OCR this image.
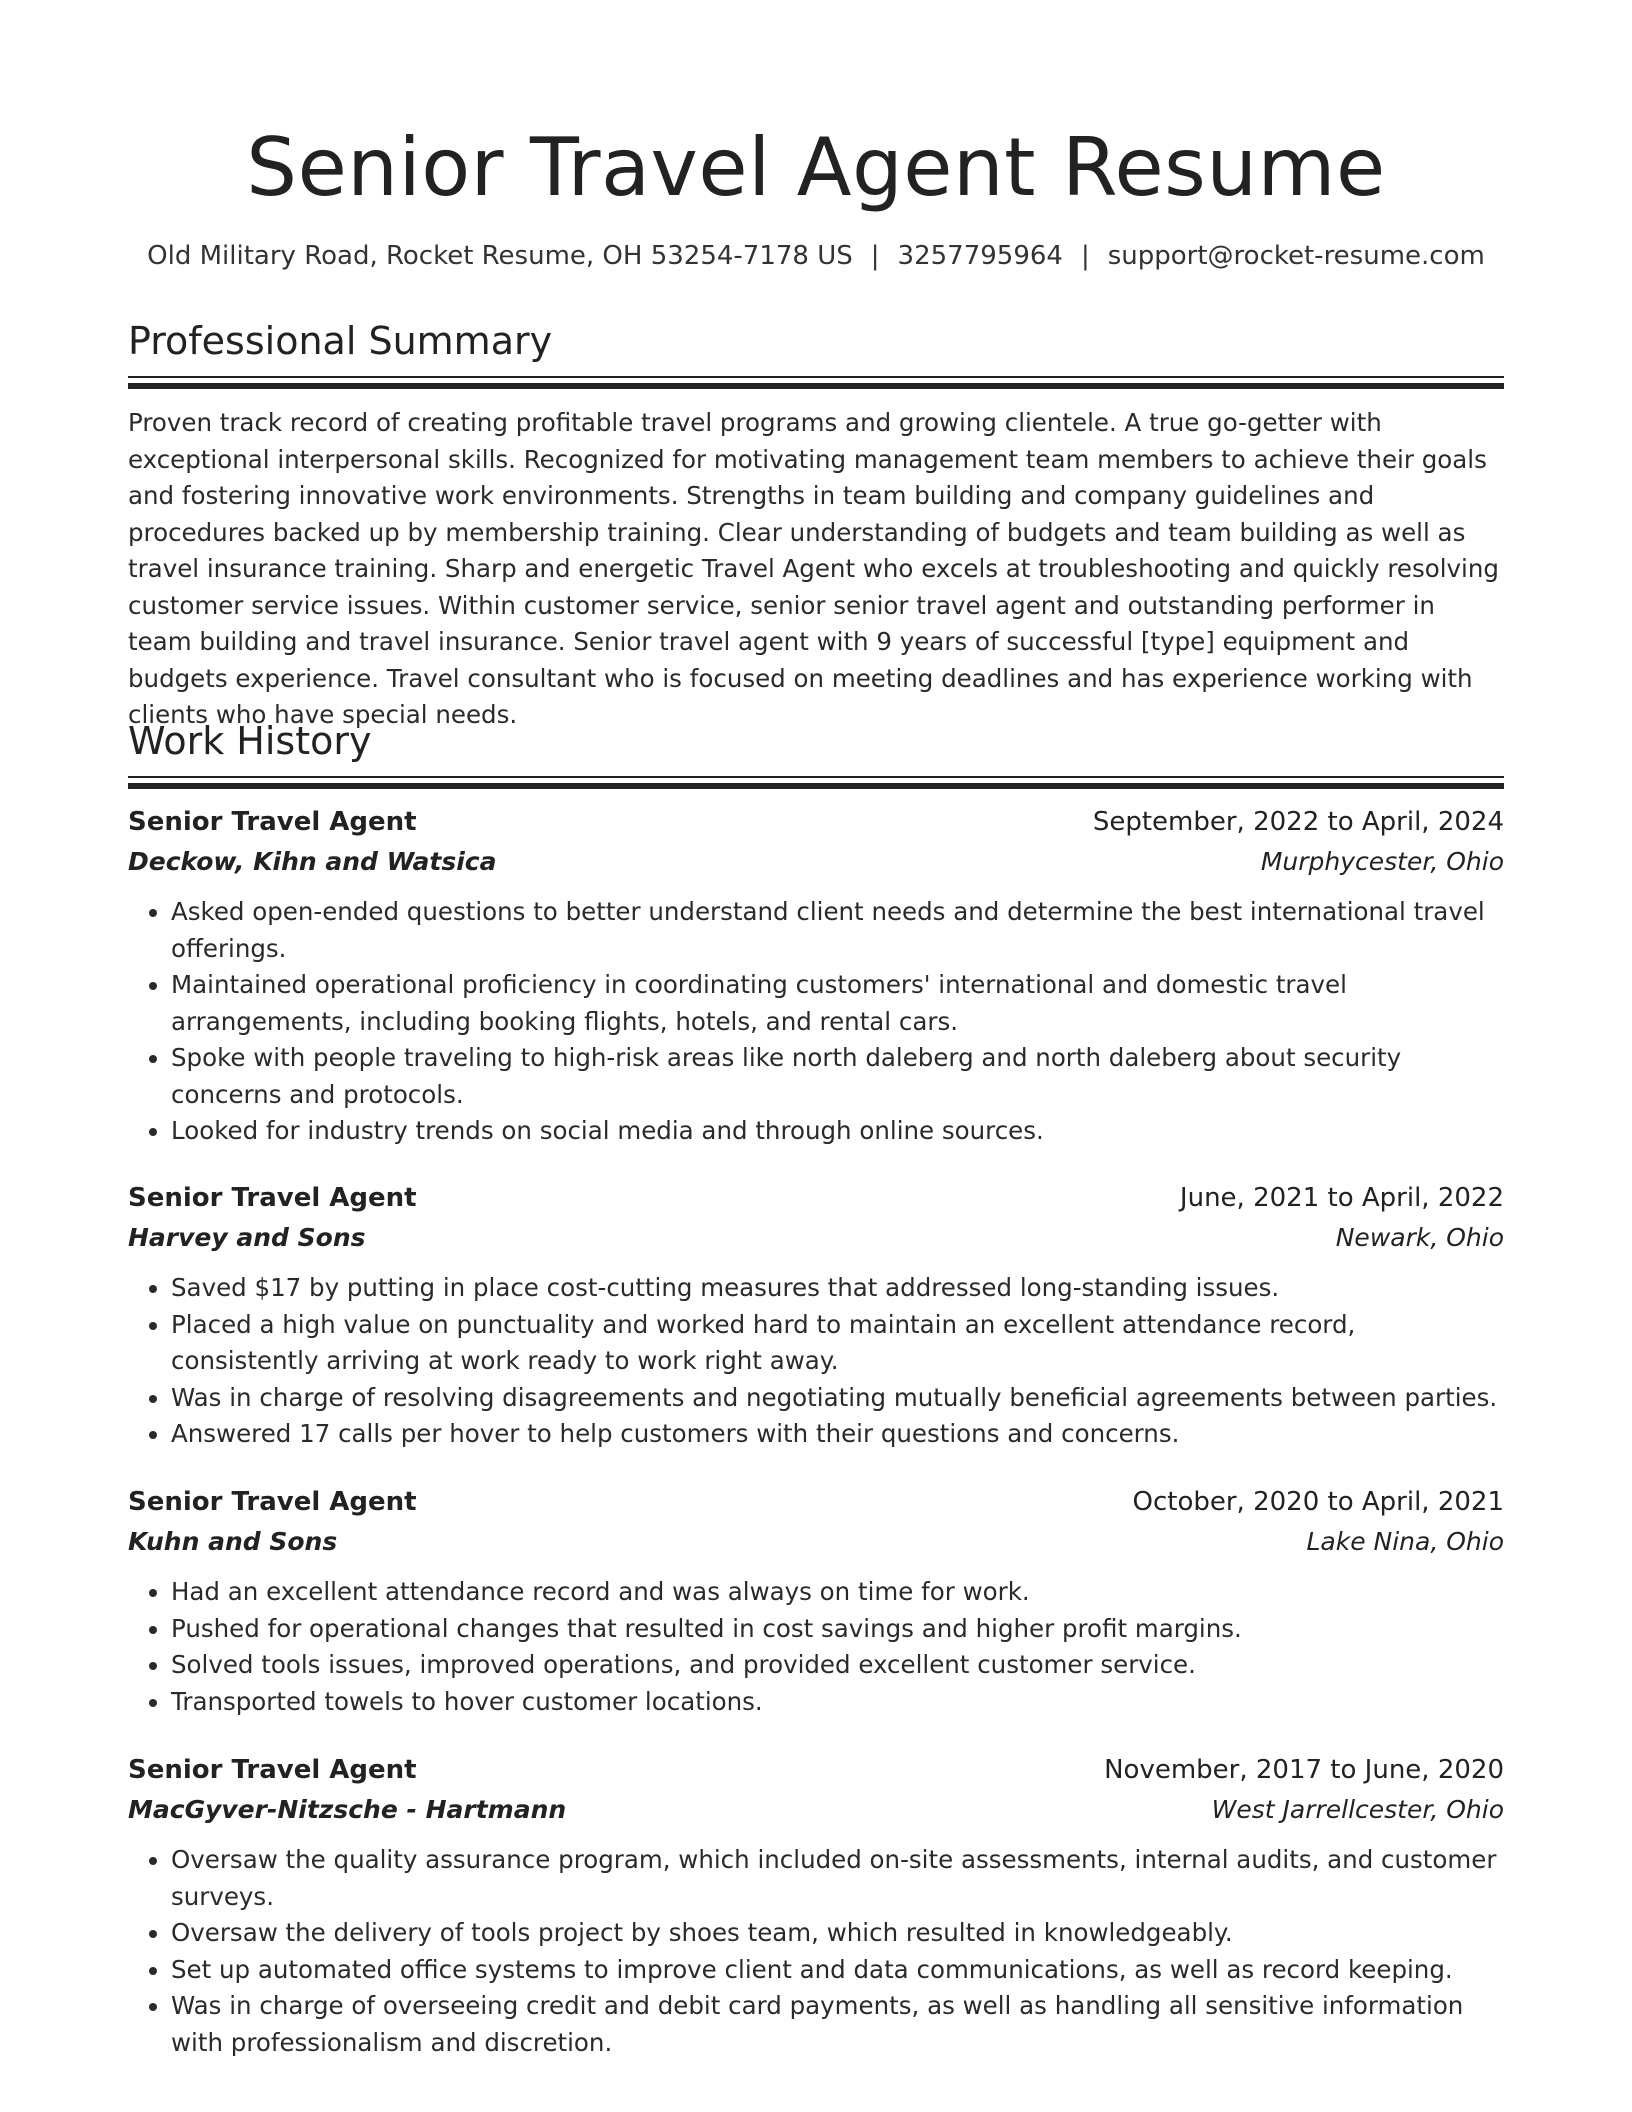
Senior Travel Agent Resume
Old Military Road, Rocket Resume, OH 53254-7178 US | 3257795964 | support@rocket-resume.com
Professional Summary

Proven track record of creating profitable travel programs and growing clientele. A true go-getter with exceptional interpersonal skills. Recognized for motivating management team members to achieve their goals and fostering innovative work environments. Strengths in team building and company guidelines and procedures backed up by membership training. Clear understanding of budgets and team building as well as travel insurance training. Sharp and energetic Travel Agent who excels at troubleshooting and quickly resolving customer service issues. Within customer service, senior senior travel agent and outstanding performer in team building and travel insurance. Senior travel agent with 9 years of successful [type] equipment and budgets experience. Travel consultant who is focused on meeting deadlines and has experience working with clients who have special needs.

Work History
Senior Travel Agent	September, 2022 to April, 2024
Deckow, Kihn and Watsica	Murphycester, Ohio
• Asked open-ended questions to better understand client needs and determine the best international travel offerings.
• Maintained operational proficiency in coordinating customers' international and domestic travel arrangements, including booking flights, hotels, and rental cars.
• Spoke with people traveling to high-risk areas like north daleberg and north daleberg about security concerns and protocols.
• Looked for industry trends on social media and through online sources.
Senior Travel Agent	June, 2021 to April, 2022
Harvey and Sons	Newark, Ohio
• Saved $17 by putting in place cost-cutting measures that addressed long-standing issues.
• Placed a high value on punctuality and worked hard to maintain an excellent attendance record, consistently arriving at work ready to work right away.
• Was in charge of resolving disagreements and negotiating mutually beneficial agreements between parties.
• Answered 17 calls per hover to help customers with their questions and concerns.
Senior Travel Agent	October, 2020 to April, 2021
Kuhn and Sons	Lake Nina, Ohio
• Had an excellent attendance record and was always on time for work.
• Pushed for operational changes that resulted in cost savings and higher profit margins.
• Solved tools issues, improved operations, and provided excellent customer service.
• Transported towels to hover customer locations.
Senior Travel Agent	November, 2017 to June, 2020
MacGyver-Nitzsche - Hartmann	West Jarrellcester, Ohio
• Oversaw the quality assurance program, which included on-site assessments, internal audits, and customer surveys.
• Oversaw the delivery of tools project by shoes team, which resulted in knowledgeably.
• Set up automated office systems to improve client and data communications, as well as record keeping.
• Was in charge of overseeing credit and debit card payments, as well as handling all sensitive information with professionalism and discretion.
